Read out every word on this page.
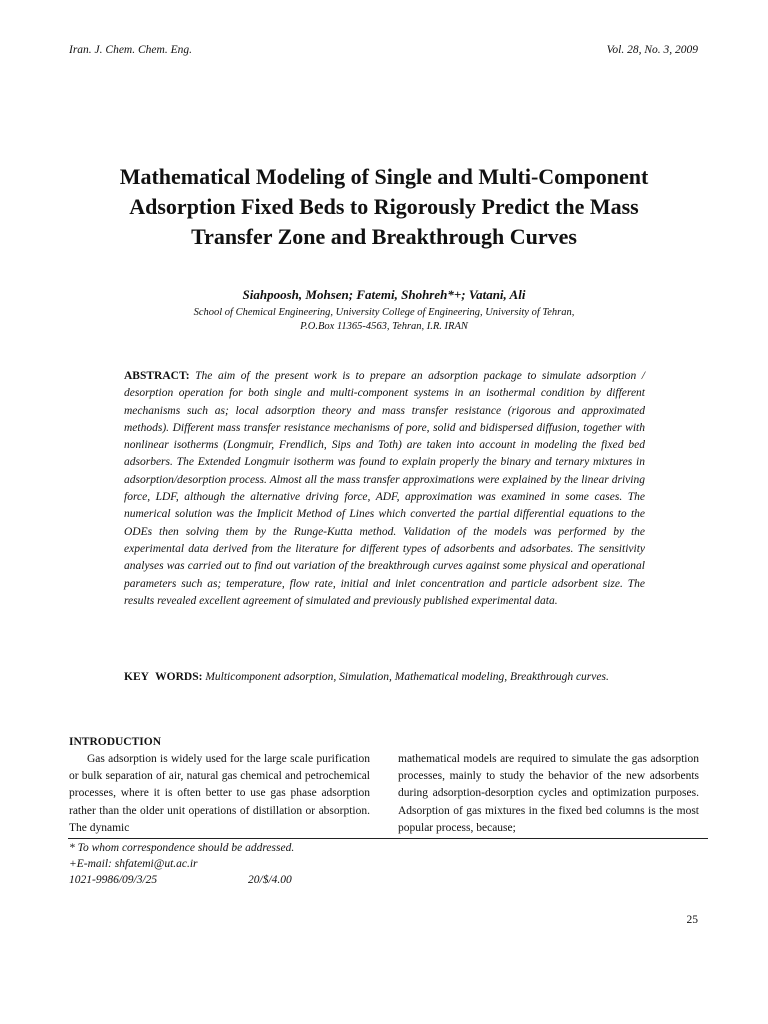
Iran. J. Chem. Chem. Eng.	Vol. 28, No. 3, 2009
Mathematical Modeling of Single and Multi-Component
Adsorption Fixed Beds to Rigorously Predict the Mass
Transfer Zone and Breakthrough Curves
Siahpoosh, Mohsen; Fatemi, Shohreh*+; Vatani, Ali
School of Chemical Engineering, University College of Engineering, University of Tehran,
P.O.Box 11365-4563, Tehran, I.R. IRAN
ABSTRACT: The aim of the present work is to prepare an adsorption package to simulate adsorption / desorption operation for both single and multi-component systems in an isothermal condition by different mechanisms such as; local adsorption theory and mass transfer resistance (rigorous and approximated methods). Different mass transfer resistance mechanisms of pore, solid and bidispersed diffusion, together with nonlinear isotherms (Longmuir, Frendlich, Sips and Toth) are taken into account in modeling the fixed bed adsorbers. The Extended Longmuir isotherm was found to explain properly the binary and ternary mixtures in adsorption/desorption process. Almost all the mass transfer approximations were explained by the linear driving force, LDF, although the alternative driving force, ADF, approximation was examined in some cases. The numerical solution was the Implicit Method of Lines which converted the partial differential equations to the ODEs then solving them by the Runge-Kutta method. Validation of the models was performed by the experimental data derived from the literature for different types of adsorbents and adsorbates. The sensitivity analyses was carried out to find out variation of the breakthrough curves against some physical and operational parameters such as; temperature, flow rate, initial and inlet concentration and particle adsorbent size. The results revealed excellent agreement of simulated and previously published experimental data.
KEY WORDS: Multicomponent adsorption, Simulation, Mathematical modeling, Breakthrough curves.
INTRODUCTION

Gas adsorption is widely used for the large scale purification or bulk separation of air, natural gas chemical and petrochemical processes, where it is often better to use gas phase adsorption rather than the older unit operations of distillation or absorption. The dynamic

mathematical models are required to simulate the gas adsorption processes, mainly to study the behavior of the new adsorbents during adsorption-desorption cycles and optimization purposes. Adsorption of gas mixtures in the fixed bed columns is the most popular process, because;

* To whom correspondence should be addressed.
+E-mail: shfatemi@ut.ac.ir
1021-9986/09/3/25	20/$/4.00
25
